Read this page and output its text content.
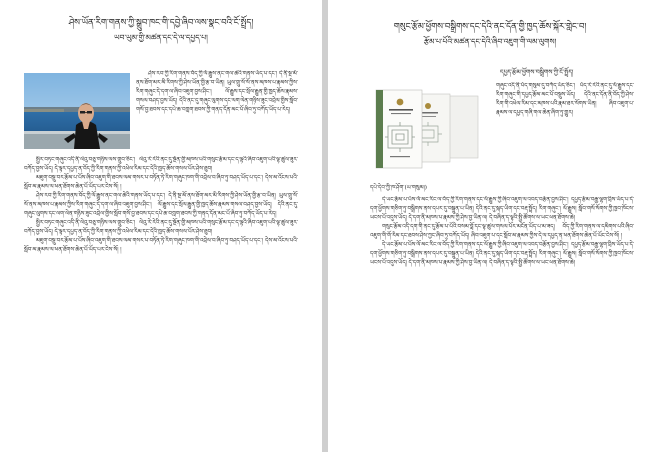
ཤེས་ཡོན་རིག་གནས་ཀྱི་སྒྲུབ་ཁང་གི་དབྱེ་ཞིབ་ལས་སྣང་བའི་ངོ་སྤྲོད།
ཡབ་ཡུམ་གྱི་མཚན་དང་དེ་ལ་དཔྱད་པ།

ཤེས་རབ་ཀྱི་རིག་གནས་བོད་ཀྱི་ལོ་རྒྱུས་ནང་གལ་ཆེའི་གནས་ཡོད་པ་དང་། དེ་ནི་སྔ་མོ་ནས་ཐོག་མར་མི་རིགས་ཀྱི་ཤེས་ཡོན་གྱི་རྩ་བ་ཡིན། ཡུལ་གྲུ་སོ་སོ་ནས་མཁས་པ་རྣམས་ཀྱིས་རིག་གཞུང་དེ་དག་ལ་ཞིབ་འཇུག་བྱས་ཤིང་། ལོ་རྒྱུས་དང་སྲོལ་རྒྱུན་གྱི་ཁྱད་ཆོས་རྣམས་གསལ་བཤད་བྱས་ཡོད། དེའི་ནང་དུ་གཞུང་ལུགས་དང་ལག་ལེན་གཉིས་ཟུང་འབྲེལ་གྱིས་སློབ་གསོ་བྱ་ཐབས་དང་དཔེ་ཆ་བཀླག་ཐབས་ཀྱི་གནད་དོན་མང་པོ་ཞིབ་ཏུ་བཀོད་ཡོད་པ་རེད།

སྤྱིར་བཏང་གཞུང་འདི་ནི་ལེའུ་བཅུ་གཉིས་ལས་གྲུབ་ཅིང་། ལེའུ་རེ་རེའི་ནང་དུ་སྔོན་གྱི་མཁས་པའི་གསུང་རྩོམ་དང་ད་ལྟའི་ཞིབ་འཇུག་པའི་ལྟ་ཚུལ་ཟུར་བཀོད་བྱས་ཡོད། དེ་ལྟར་དཔྱད་ན་བོད་ཀྱི་རིག་གནས་ཀྱི་འཕེལ་རིམ་དང་དེའི་ཁྱད་ཆོས་གསལ་པོར་ཤེས་ཐུབ།

མཇུག་བསྡུ་བར་རྩོམ་པ་པོས་ཞིབ་འཇུག་གི་ཐབས་ལམ་གསར་པ་བཏོན་ཏེ་རིག་གཞུང་ཁག་གི་འབྲེལ་བ་ཞིབ་ཏུ་བཤད་ཡོད་པ་དང་། དེས་མ་འོངས་པའི་སློབ་མ་རྣམས་ལ་ཕན་ཐོགས་ཆེན་པོ་ཡོད་པར་ངེས་སོ། །

ཤེས་རབ་ཀྱི་རིག་གནས་བོད་ཀྱི་ལོ་རྒྱུས་ནང་གལ་ཆེའི་གནས་ཡོད་པ་དང་། དེ་ནི་སྔ་མོ་ནས་ཐོག་མར་མི་རིགས་ཀྱི་ཤེས་ཡོན་གྱི་རྩ་བ་ཡིན། ཡུལ་གྲུ་སོ་སོ་ནས་མཁས་པ་རྣམས་ཀྱིས་རིག་གཞུང་དེ་དག་ལ་ཞིབ་འཇུག་བྱས་ཤིང་། ལོ་རྒྱུས་དང་སྲོལ་རྒྱུན་གྱི་ཁྱད་ཆོས་རྣམས་གསལ་བཤད་བྱས་ཡོད། དེའི་ནང་དུ་གཞུང་ལུགས་དང་ལག་ལེན་གཉིས་ཟུང་འབྲེལ་གྱིས་སློབ་གསོ་བྱ་ཐབས་དང་དཔེ་ཆ་བཀླག་ཐབས་ཀྱི་གནད་དོན་མང་པོ་ཞིབ་ཏུ་བཀོད་ཡོད་པ་རེད།

སྤྱིར་བཏང་གཞུང་འདི་ནི་ལེའུ་བཅུ་གཉིས་ལས་གྲུབ་ཅིང་། ལེའུ་རེ་རེའི་ནང་དུ་སྔོན་གྱི་མཁས་པའི་གསུང་རྩོམ་དང་ད་ལྟའི་ཞིབ་འཇུག་པའི་ལྟ་ཚུལ་ཟུར་བཀོད་བྱས་ཡོད། དེ་ལྟར་དཔྱད་ན་བོད་ཀྱི་རིག་གནས་ཀྱི་འཕེལ་རིམ་དང་དེའི་ཁྱད་ཆོས་གསལ་པོར་ཤེས་ཐུབ།

མཇུག་བསྡུ་བར་རྩོམ་པ་པོས་ཞིབ་འཇུག་གི་ཐབས་ལམ་གསར་པ་བཏོན་ཏེ་རིག་གཞུང་ཁག་གི་འབྲེལ་བ་ཞིབ་ཏུ་བཤད་ཡོད་པ་དང་། དེས་མ་འོངས་པའི་སློབ་མ་རྣམས་ལ་ཕན་ཐོགས་ཆེན་པོ་ཡོད་པར་ངེས་སོ། །

གསུང་རྩོམ་ཕྱོགས་བསྒྲིགས་དང་དེའི་ནང་དོན་གྱི་ཁྱད་ཆོས་སྐོར་གླེང་བ།
རྩོམ་པ་པོའི་མཚན་དང་དེའི་ཞིབ་འཇུག་གི་ལམ་ལུགས།
དཔྱད་རྩོམ་ཕྱོགས་བསྒྲིགས་ཀྱི་ངོ་སྤྲོད།

གཞུང་འདི་ནི་པོད་གསུམ་དུ་བཀོད་ཡོད་ཅིང་། པོད་རེ་རེའི་ནང་དུ་ལོ་རྒྱུས་དང་རིག་གཞུང་གི་དཔྱད་རྩོམ་མང་པོ་བསྡུས་ཡོད། དེའི་ནང་དོན་ནི་བོད་ཀྱི་ཤེས་རིག་གི་འཕེལ་རིམ་དང་མཁས་པའི་རྣམ་ཐར་སོགས་ཡིན། ཞིབ་འཇུག་པ་རྣམས་ལ་དཔྱད་གཞི་གལ་ཆེན་ཞིག་ཏུ་གྱུར།

དཔེ་དེབ་ཀྱི་ཁ་ཤོག་(ཡ་གསུམ།)

དེ་ཡང་རྩོམ་པ་པོས་ལོ་མང་རིང་ལ་བོད་ཀྱི་རིག་གནས་དང་ལོ་རྒྱུས་ཀྱི་ཞིབ་འཇུག་ལ་འབད་བརྩོན་བྱས་ཤིང་། དཔྱད་རྩོམ་བརྒྱ་ལྷག་བྲིས་ཡོད་པ་དེ་དག་ཕྱོགས་གཅིག་ཏུ་བསྒྲིགས་ནས་དཔར་དུ་བསྐྲུན་པ་ཡིན། དེའི་ནང་དུ་སྐད་ཡིག་དང་བརྡ་སྤྲོད། རིག་གཞུང་། ལོ་རྒྱུས། སློབ་གསོ་སོགས་ཀྱི་ཁྱབ་ཁོངས་ཡངས་པོ་འདུས་ཡོད། དེ་དག་ནི་མཁས་པ་རྣམས་ཀྱི་ཤེས་བྱ་ཡིན་ལ། དེ་བཞིན་ད་ལྟའི་སྤྱི་ཚོགས་ལ་ཡང་ཕན་ཐོགས་ཆེ།

གསུང་རྩོམ་འདི་དག་གི་ནང་དུ་རྩོམ་པ་པོའི་བསམ་བློ་དང་ལྟ་ཚུལ་གསལ་པོར་མངོན་ཡོད་པ་མ་ཟད། བོད་ཀྱི་རིག་གནས་ལ་དམིགས་པའི་ཞིབ་འཇུག་གི་གོ་རིམ་དང་ཐབས་ཤེས་ཀྱང་ཞིབ་ཏུ་བཀོད་ཡོད། ཞིབ་འཇུག་པ་དང་སློབ་མ་རྣམས་ཀྱིས་དེ་ལ་དཔྱད་ན་ཕན་ཐོགས་ཆེན་པོ་ཡོང་ངེས་སོ། །

དེ་ཡང་རྩོམ་པ་པོས་ལོ་མང་རིང་ལ་བོད་ཀྱི་རིག་གནས་དང་ལོ་རྒྱུས་ཀྱི་ཞིབ་འཇུག་ལ་འབད་བརྩོན་བྱས་ཤིང་། དཔྱད་རྩོམ་བརྒྱ་ལྷག་བྲིས་ཡོད་པ་དེ་དག་ཕྱོགས་གཅིག་ཏུ་བསྒྲིགས་ནས་དཔར་དུ་བསྐྲུན་པ་ཡིན། དེའི་ནང་དུ་སྐད་ཡིག་དང་བརྡ་སྤྲོད། རིག་གཞུང་། ལོ་རྒྱུས། སློབ་གསོ་སོགས་ཀྱི་ཁྱབ་ཁོངས་ཡངས་པོ་འདུས་ཡོད། དེ་དག་ནི་མཁས་པ་རྣམས་ཀྱི་ཤེས་བྱ་ཡིན་ལ། དེ་བཞིན་ད་ལྟའི་སྤྱི་ཚོགས་ལ་ཡང་ཕན་ཐོགས་ཆེ།
